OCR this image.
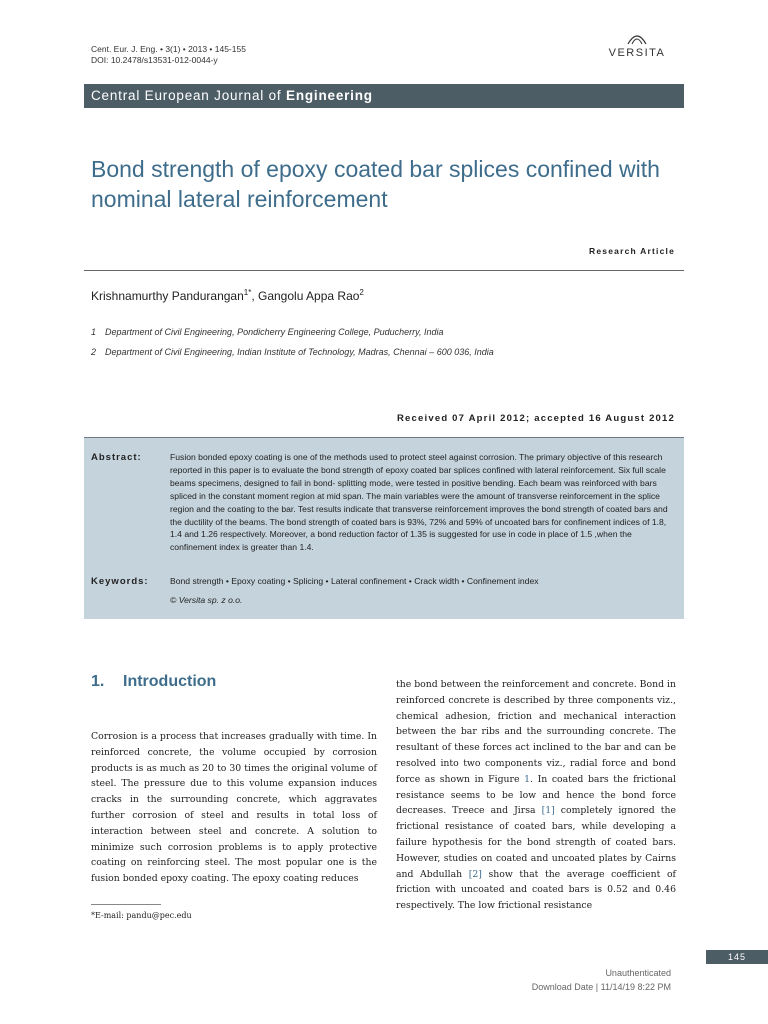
Cent. Eur. J. Eng. • 3(1) • 2013 • 145-155
DOI: 10.2478/s13531-012-0044-y
VERSITA
Central European Journal of Engineering
Bond strength of epoxy coated bar splices confined with nominal lateral reinforcement
Research Article
Krishnamurthy Pandurangan$^{1*}$, Gangolu Appa Rao$^2$
1 Department of Civil Engineering, Pondicherry Engineering College, Puducherry, India
2 Department of Civil Engineering, Indian Institute of Technology, Madras, Chennai – 600 036, India
Received 07 April 2012; accepted 16 August 2012
Abstract:	Fusion bonded epoxy coating is one of the methods used to protect steel against corrosion. The primary objective of this research reported in this paper is to evaluate the bond strength of epoxy coated bar splices confined with lateral reinforcement. Six full scale beams specimens, designed to fail in bond- splitting mode, were tested in positive bending. Each beam was reinforced with bars spliced in the constant moment region at mid span. The main variables were the amount of transverse reinforcement in the splice region and the coating to the bar. Test results indicate that transverse reinforcement improves the bond strength of coated bars and the ductility of the beams. The bond strength of coated bars is 93%, 72% and 59% of uncoated bars for confinement indices of 1.8, 1.4 and 1.26 respectively. Moreover, a bond reduction factor of 1.35 is suggested for use in code in place of 1.5 ,when the confinement index is greater than 1.4.
Keywords: Bond strength • Epoxy coating • Splicing • Lateral confinement • Crack width • Confinement index
© Versita sp. z o.o.
1. Introduction
Corrosion is a process that increases gradually with time. In reinforced concrete, the volume occupied by corrosion products is as much as 20 to 30 times the original volume of steel. The pressure due to this volume expansion induces cracks in the surrounding concrete, which aggravates further corrosion of steel and results in total loss of interaction between steel and concrete. A solution to minimize such corrosion problems is to apply protective coating on reinforcing steel. The most popular one is the fusion bonded epoxy coating. The epoxy coating reduces
the bond between the reinforcement and concrete. Bond in reinforced concrete is described by three components viz., chemical adhesion, friction and mechanical interaction between the bar ribs and the surrounding concrete. The resultant of these forces act inclined to the bar and can be resolved into two components viz., radial force and bond force as shown in Figure 1. In coated bars the frictional resistance seems to be low and hence the bond force decreases. Treece and Jirsa [1] completely ignored the frictional resistance of coated bars, while developing a failure hypothesis for the bond strength of coated bars. However, studies on coated and uncoated plates by Cairns and Abdullah [2] show that the average coefficient of friction with uncoated and coated bars is 0.52 and 0.46 respectively. The low frictional resistance
*E-mail: pandu@pec.edu
145
Unauthenticated
Download Date | 11/14/19 8:22 PM
